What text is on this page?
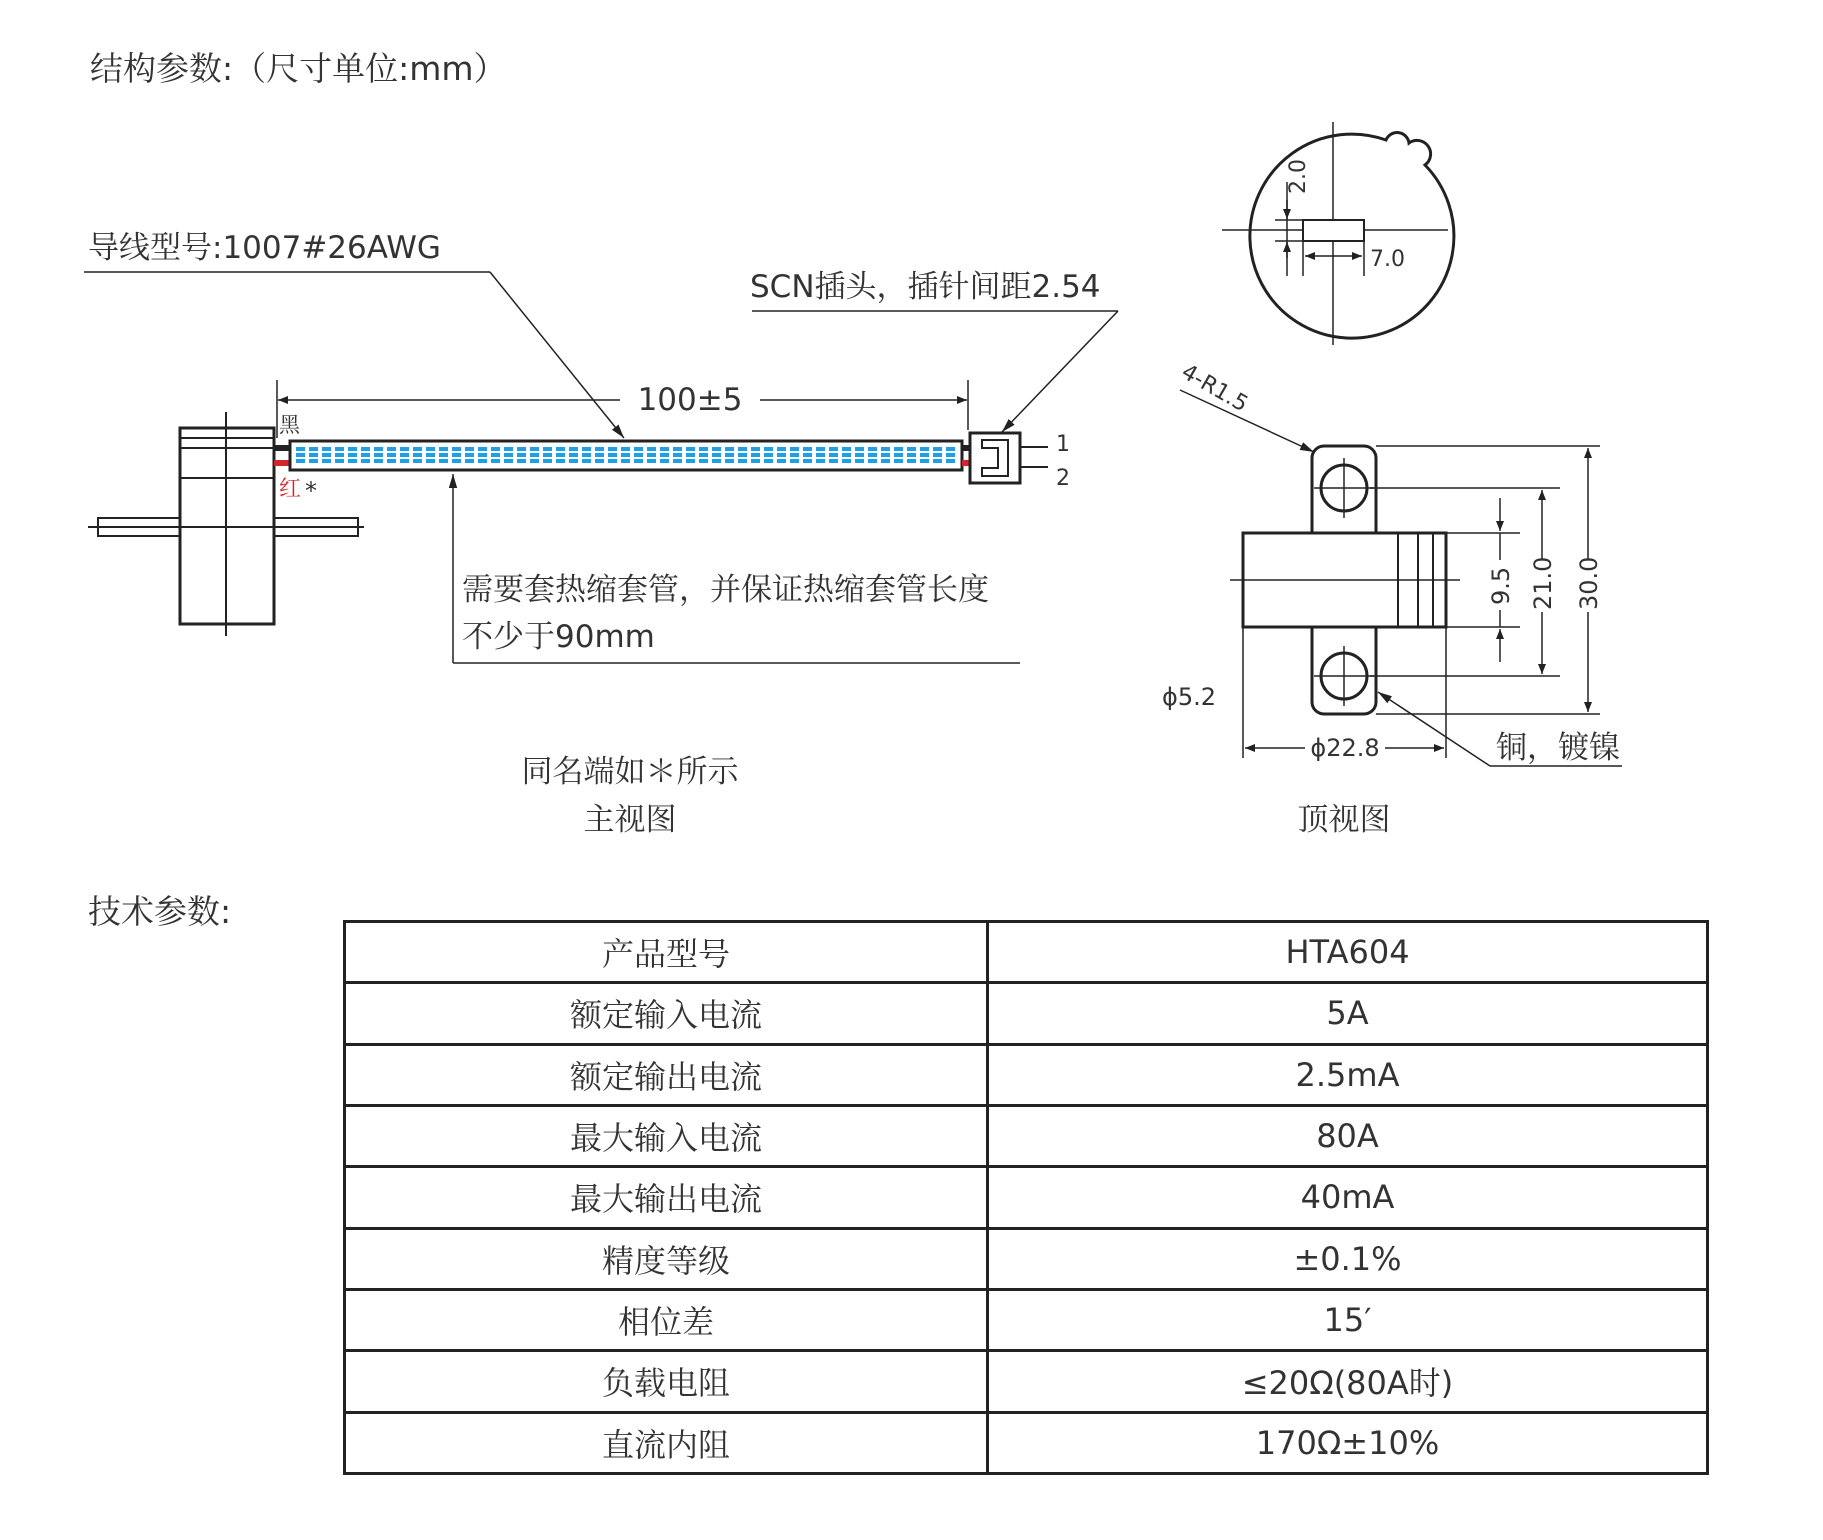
结构参数:（尺寸单位:mm）
技术参数:
导线型号:1007#26AWG
SCN插头，插针间距2.54
100±5
黑
红 *
1
2
需要套热缩套管，并保证热缩套管长度
不少于90mm
同名端如＊所示
主视图
2.0
7.0
4-R1.5
30.0
21.0
9.5
ϕ5.2
ϕ22.8	铜，镀镍
顶视图
产品型号	HTA604
额定输入电流	5A
额定输出电流	2.5mA
最大输入电流	80A
最大输出电流	40mA
精度等级	±0.1%
相位差	15′
负载电阻	≤20Ω(80A时)
直流内阻	170Ω±10%
